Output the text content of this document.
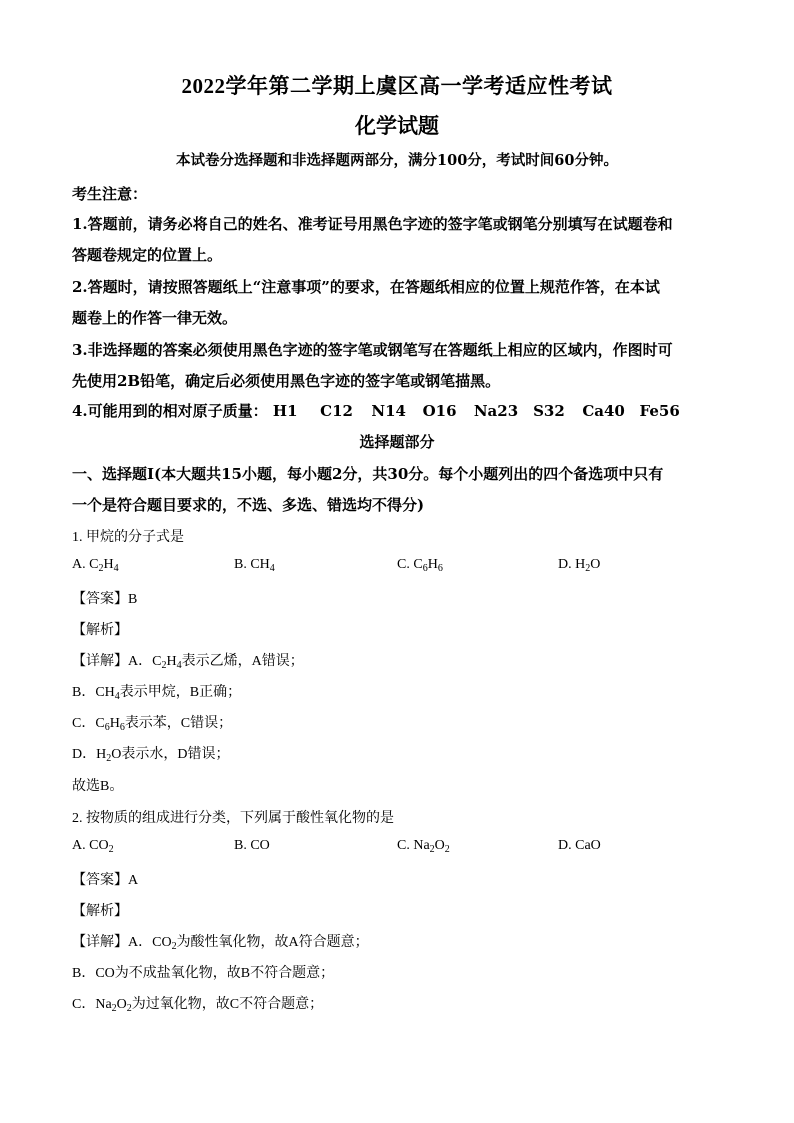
2022学年第二学期上虞区高一学考适应性考试
化学试题
本试卷分选择题和非选择题两部分，满分100分，考试时间60分钟。
考生注意：
1.答题前，请务必将自己的姓名、准考证号用黑色字迹的签字笔或钢笔分别填写在试题卷和
答题卷规定的位置上。
2.答题时，请按照答题纸上“注意事项”的要求，在答题纸相应的位置上规范作答，在本试
题卷上的作答一律无效。
3.非选择题的答案必须使用黑色字迹的签字笔或钢笔写在答题纸上相应的区域内，作图时可
先使用2B铅笔，确定后必须使用黑色字迹的签字笔或钢笔描黑。
4.可能用到的相对原子质量： H1 C12 N14 O16 Na23 S32 Ca40 Fe56
选择题部分
一、选择题Ⅰ(本大题共15小题，每小题2分，共30分。每个小题列出的四个备选项中只有
一个是符合题目要求的，不选、多选、错选均不得分)
1. 甲烷的分子式是
A. $C_2H_4$	B. $CH_4$	C. $C_6H_6$	D. $H_2O$
【答案】B
【解析】
【详解】A．$C_2H_4$表示乙烯，A错误；
B．$CH_4$表示甲烷，B正确；
C．$C_6H_6$表示苯，C错误；
D．$H_2O$表示水，D错误；
故选B。
2. 按物质的组成进行分类，下列属于酸性氧化物的是
A. $CO_2$	B. CO	C. $Na_2O_2$	D. CaO
【答案】A
【解析】
【详解】A．$CO_2$为酸性氧化物，故A符合题意；
B．CO为不成盐氧化物，故B不符合题意；
C．$Na_2O_2$为过氧化物，故C不符合题意；
